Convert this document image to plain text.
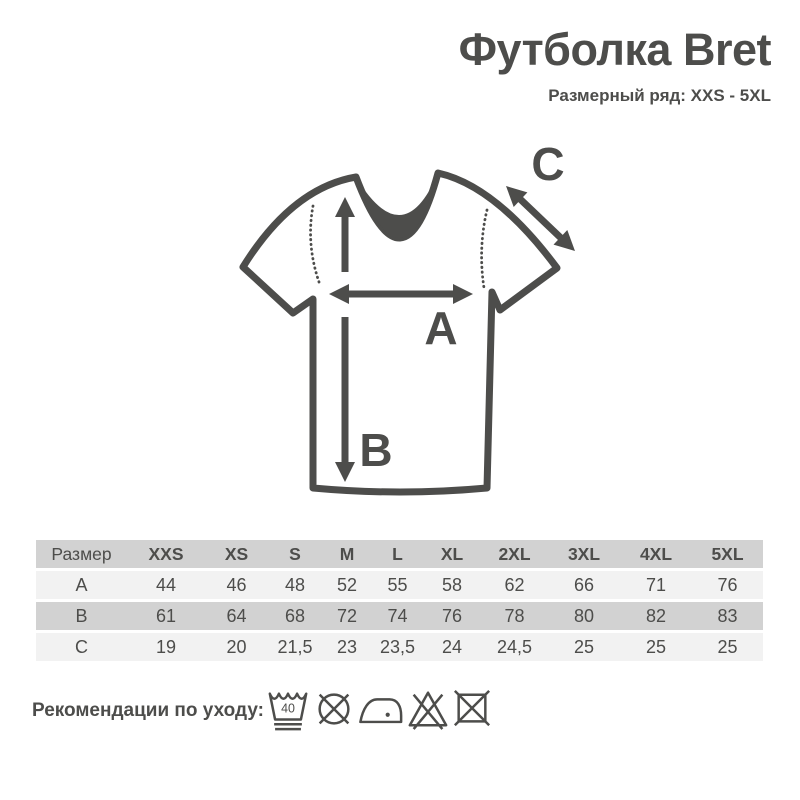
Футболка Bret
Размерный ряд: XXS - 5XL
A
B
C
Размер	XXS	XS	S	M	L	XL	2XL	3XL	4XL	5XL
A	44	46	48	52	55	58	62	66	71	76
B	61	64	68	72	74	76	78	80	82	83
C	19	20	21,5	23	23,5	24	24,5	25	25	25
Рекомендации по уходу: 40
